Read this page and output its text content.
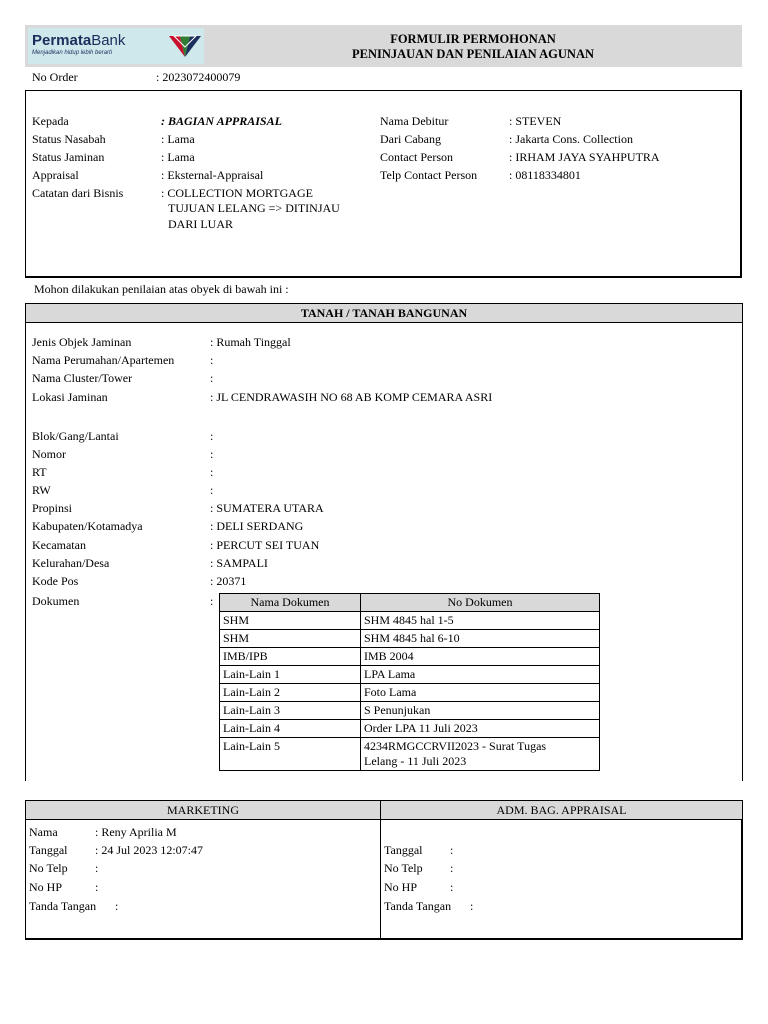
PermataBank
Menjadikan hidup lebih berarti
FORMULIR PERMOHONAN
PENINJAUAN DAN PENILAIAN AGUNAN
No Order	: 2023072400079
Kepada	: BAGIAN APPRAISAL
Status Nasabah	: Lama
Status Jaminan	: Lama
Appraisal	: Eksternal-Appraisal
Catatan dari Bisnis	: COLLECTION MORTGAGE
TUJUAN LELANG => DITINJAU
DARI LUAR
Nama Debitur	: STEVEN
Dari Cabang	: Jakarta Cons. Collection
Contact Person	: IRHAM JAYA SYAHPUTRA
Telp Contact Person	: 08118334801
Mohon dilakukan penilaian atas obyek di bawah ini :
TANAH / TANAH BANGUNAN
Jenis Objek Jaminan	: Rumah Tinggal
Nama Perumahan/Apartemen	:
Nama Cluster/Tower	:
Lokasi Jaminan	: JL CENDRAWASIH NO 68 AB KOMP CEMARA ASRI
Blok/Gang/Lantai	:
Nomor	:
RT	:
RW	:
Propinsi	: SUMATERA UTARA
Kabupaten/Kotamadya	: DELI SERDANG
Kecamatan	: PERCUT SEI TUAN
Kelurahan/Desa	: SAMPALI
Kode Pos	: 20371
Dokumen	:	Nama Dokumen	No Dokumen
SHM	SHM 4845 hal 1-5
SHM	SHM 4845 hal 6-10
IMB/IPB	IMB 2004
Lain-Lain 1	LPA Lama
Lain-Lain 2	Foto Lama
Lain-Lain 3	S Penunjukan
Lain-Lain 4	Order LPA 11 Juli 2023
Lain-Lain 5	4234RMGCCRVII2023 - Surat Tugas
Lelang - 11 Juli 2023
MARKETING	ADM. BAG. APPRAISAL
Nama	: Reny Aprilia M
Tanggal : 24 Jul 2023 12:07:47
No Telp :
No HP	:
Tanda Tangan :
Tanggal :
No Telp :
No HP	:
Tanda Tangan :
